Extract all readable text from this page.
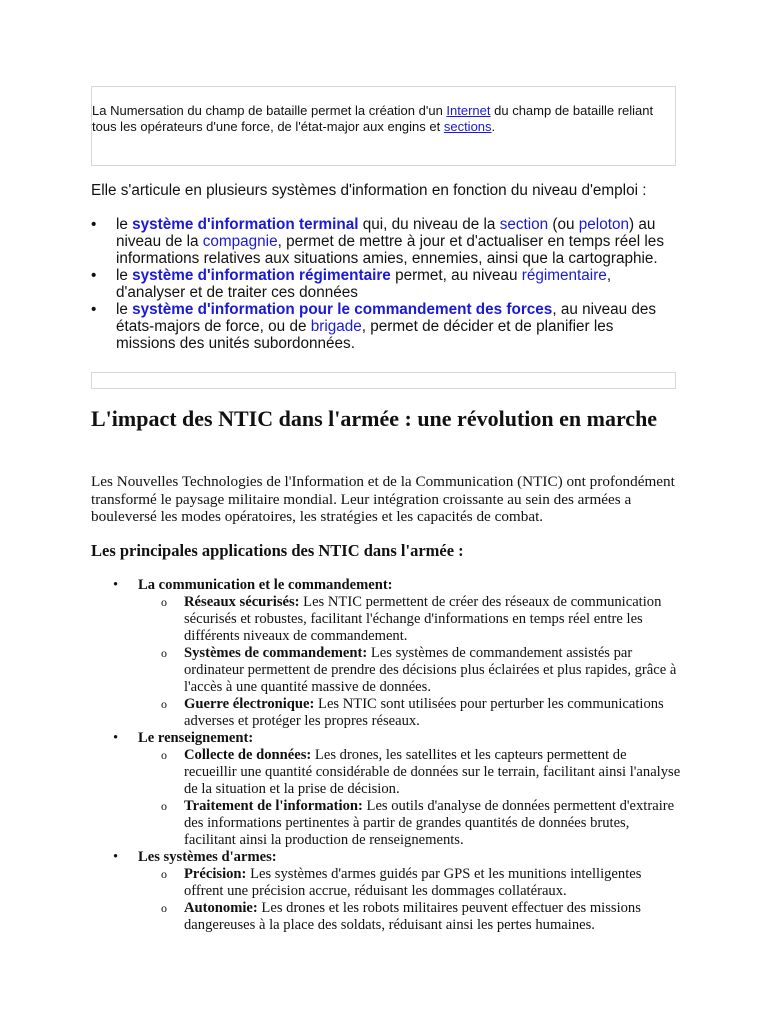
La Numersation du champ de bataille permet la création d'un Internet du champ de bataille reliant tous les opérateurs d'une force, de l'état-major aux engins et sections.

Elle s'articule en plusieurs systèmes d'information en fonction du niveau d'emploi :

• le système d'information terminal qui, du niveau de la section (ou peloton) au niveau de la compagnie, permet de mettre à jour et d'actualiser en temps réel les informations relatives aux situations amies, ennemies, ainsi que la cartographie.
• le système d'information régimentaire permet, au niveau régimentaire, d'analyser et de traiter ces données
• le système d'information pour le commandement des forces, au niveau des états-majors de force, ou de brigade, permet de décider et de planifier les missions des unités subordonnées.
L'impact des NTIC dans l'armée : une révolution en marche

Les Nouvelles Technologies de l'Information et de la Communication (NTIC) ont profondément transformé le paysage militaire mondial. Leur intégration croissante au sein des armées a bouleversé les modes opératoires, les stratégies et les capacités de combat.

Les principales applications des NTIC dans l'armée :
• La communication et le commandement:
o Réseaux sécurisés: Les NTIC permettent de créer des réseaux de communication sécurisés et robustes, facilitant l'échange d'informations en temps réel entre les différents niveaux de commandement.
o Systèmes de commandement: Les systèmes de commandement assistés par ordinateur permettent de prendre des décisions plus éclairées et plus rapides, grâce à l'accès à une quantité massive de données.
o Guerre électronique: Les NTIC sont utilisées pour perturber les communications adverses et protéger les propres réseaux.
• Le renseignement:
o Collecte de données: Les drones, les satellites et les capteurs permettent de recueillir une quantité considérable de données sur le terrain, facilitant ainsi l'analyse de la situation et la prise de décision.
o Traitement de l'information: Les outils d'analyse de données permettent d'extraire des informations pertinentes à partir de grandes quantités de données brutes, facilitant ainsi la production de renseignements.
• Les systèmes d'armes:
o Précision: Les systèmes d'armes guidés par GPS et les munitions intelligentes offrent une précision accrue, réduisant les dommages collatéraux.
o Autonomie: Les drones et les robots militaires peuvent effectuer des missions dangereuses à la place des soldats, réduisant ainsi les pertes humaines.
